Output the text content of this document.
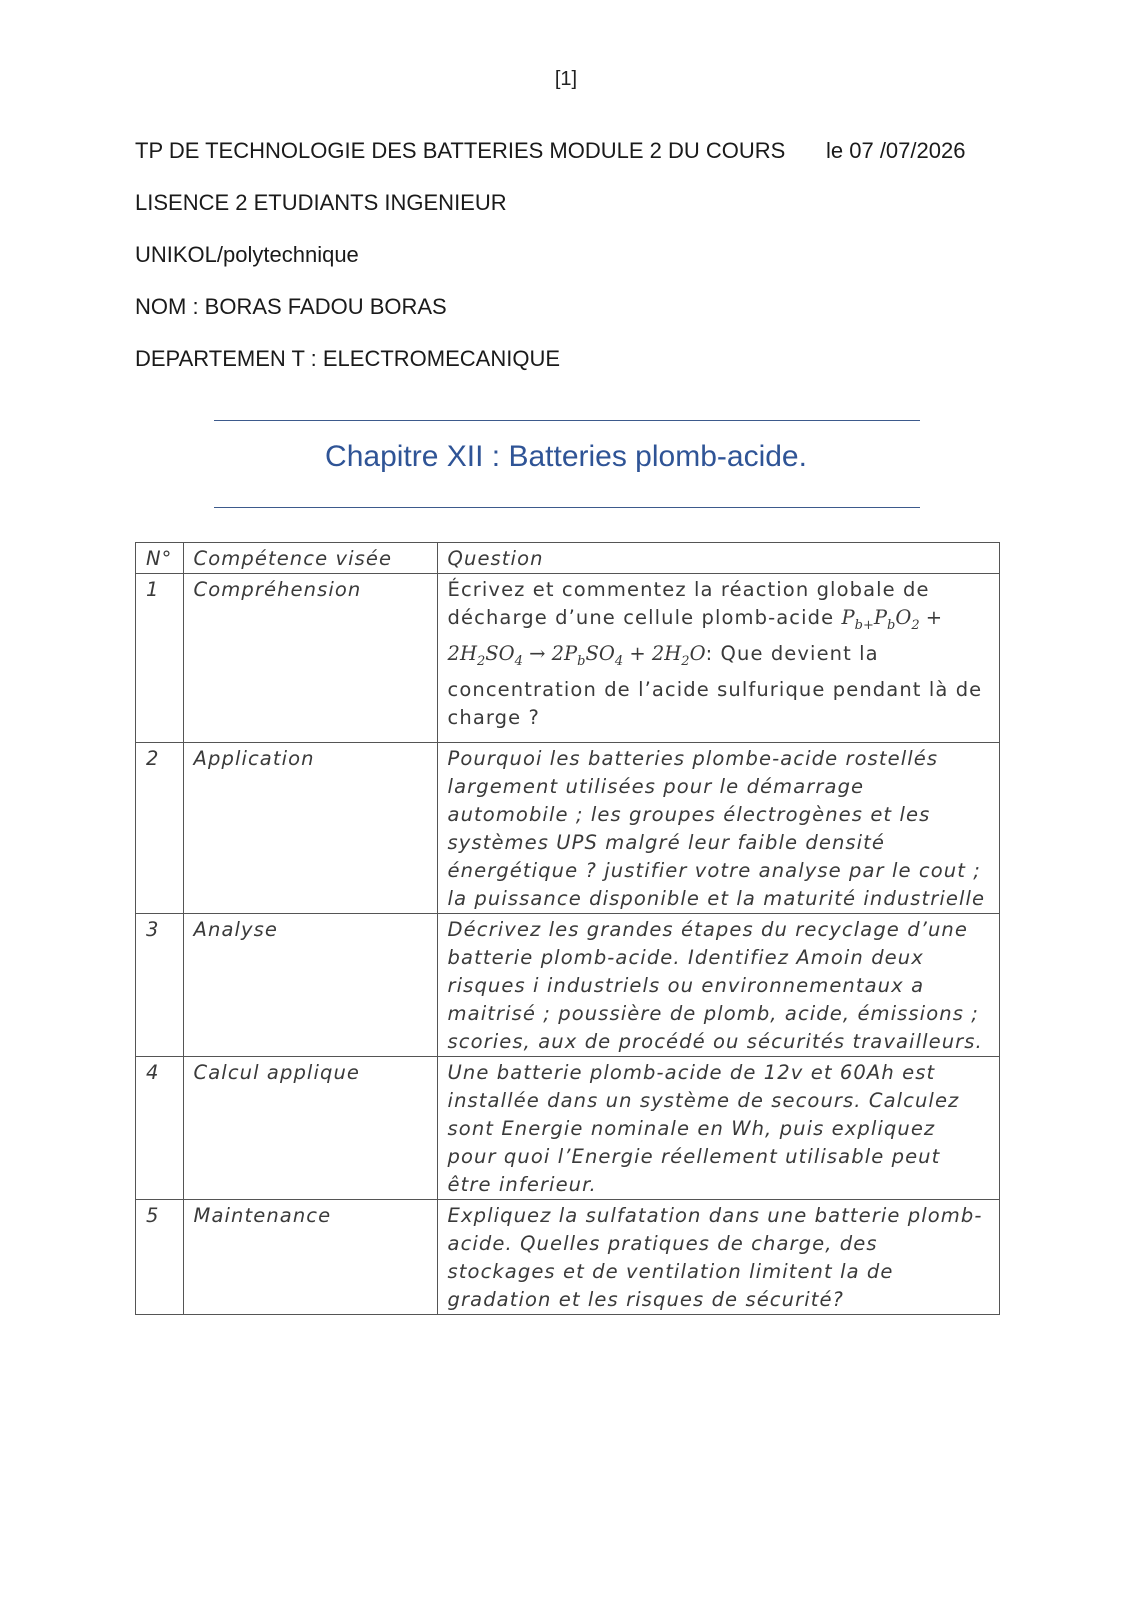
[1]
TP DE TECHNOLOGIE DES BATTERIES MODULE 2 DU COURS le 07 /07/2026
LISENCE 2 ETUDIANTS INGENIEUR
UNIKOL/polytechnique
NOM : BORAS FADOU BORAS
DEPARTEMEN T : ELECTROMECANIQUE
Chapitre XII : Batteries plomb-acide.
N°	Compétence visée	Question
1	Compréhension	Écrivez et commentez la réaction globale de décharge d’une cellule plomb-acide $P_{b+}P_bO_2 + 2H_2SO_4 \to 2P_bSO_4 + 2H_2O$: Que devient la concentration de l’acide sulfurique pendant là de charge ?
2	Application	Pourquoi les batteries plombe-acide rostellés largement utilisées pour le démarrage automobile ; les groupes électrogènes et les systèmes UPS malgré leur faible densité énergétique ? justifier votre analyse par le cout ; la puissance disponible et la maturité industrielle
3	Analyse	Décrivez les grandes étapes du recyclage d’une batterie plomb-acide. Identifiez Amoin deux risques i industriels ou environnementaux a maitrisé ; poussière de plomb, acide, émissions ; scories, aux de procédé ou sécurités travailleurs.
4	Calcul applique	Une batterie plomb-acide de 12v et 60Ah est installée dans un système de secours. Calculez sont Energie nominale en Wh, puis expliquez pour quoi l’Energie réellement utilisable peut être inferieur.
5	Maintenance	Expliquez la sulfatation dans une batterie plomb-acide. Quelles pratiques de charge, des stockages et de ventilation limitent la de gradation et les risques de sécurité?
